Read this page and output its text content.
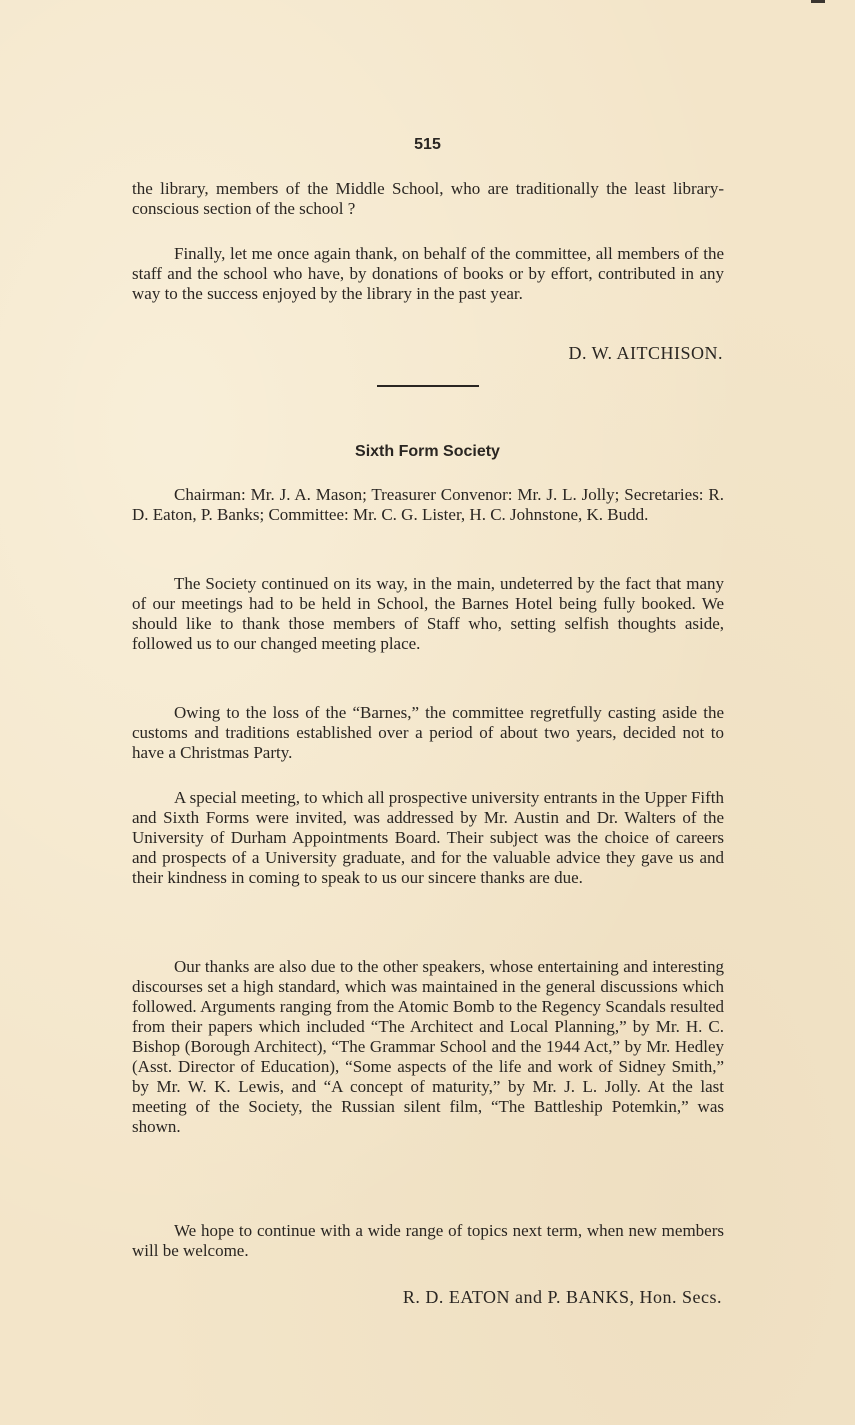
515

the library, members of the Middle School, who are traditionally the least library-conscious section of the school ?

Finally, let me once again thank, on behalf of the committee, all members of the staff and the school who have, by donations of books or by effort, contributed in any way to the success enjoyed by the library in the past year.

D. W. AITCHISON.
Sixth Form Society

Chairman: Mr. J. A. Mason; Treasurer Convenor: Mr. J. L. Jolly; Secretaries: R. D. Eaton, P. Banks; Committee: Mr. C. G. Lister, H. C. Johnstone, K. Budd.

The Society continued on its way, in the main, undeterred by the fact that many of our meetings had to be held in School, the Barnes Hotel being fully booked. We should like to thank those members of Staff who, setting selfish thoughts aside, followed us to our changed meeting place.

Owing to the loss of the “Barnes,” the committee regretfully casting aside the customs and traditions established over a period of about two years, decided not to have a Christmas Party.

A special meeting, to which all prospective university entrants in the Upper Fifth and Sixth Forms were invited, was addressed by Mr. Austin and Dr. Walters of the University of Durham Appointments Board. Their subject was the choice of careers and prospects of a University graduate, and for the valuable advice they gave us and their kindness in coming to speak to us our sincere thanks are due.

Our thanks are also due to the other speakers, whose entertaining and interesting discourses set a high standard, which was maintained in the general discussions which followed. Arguments ranging from the Atomic Bomb to the Regency Scandals resulted from their papers which included “The Architect and Local Planning,” by Mr. H. C. Bishop (Borough Architect), “The Grammar School and the 1944 Act,” by Mr. Hedley (Asst. Director of Education), “Some aspects of the life and work of Sidney Smith,” by Mr. W. K. Lewis, and “A concept of maturity,” by Mr. J. L. Jolly. At the last meeting of the Society, the Russian silent film, “The Battleship Potemkin,” was shown.

We hope to continue with a wide range of topics next term, when new members will be welcome.

R. D. EATON and P. BANKS, Hon. Secs.
